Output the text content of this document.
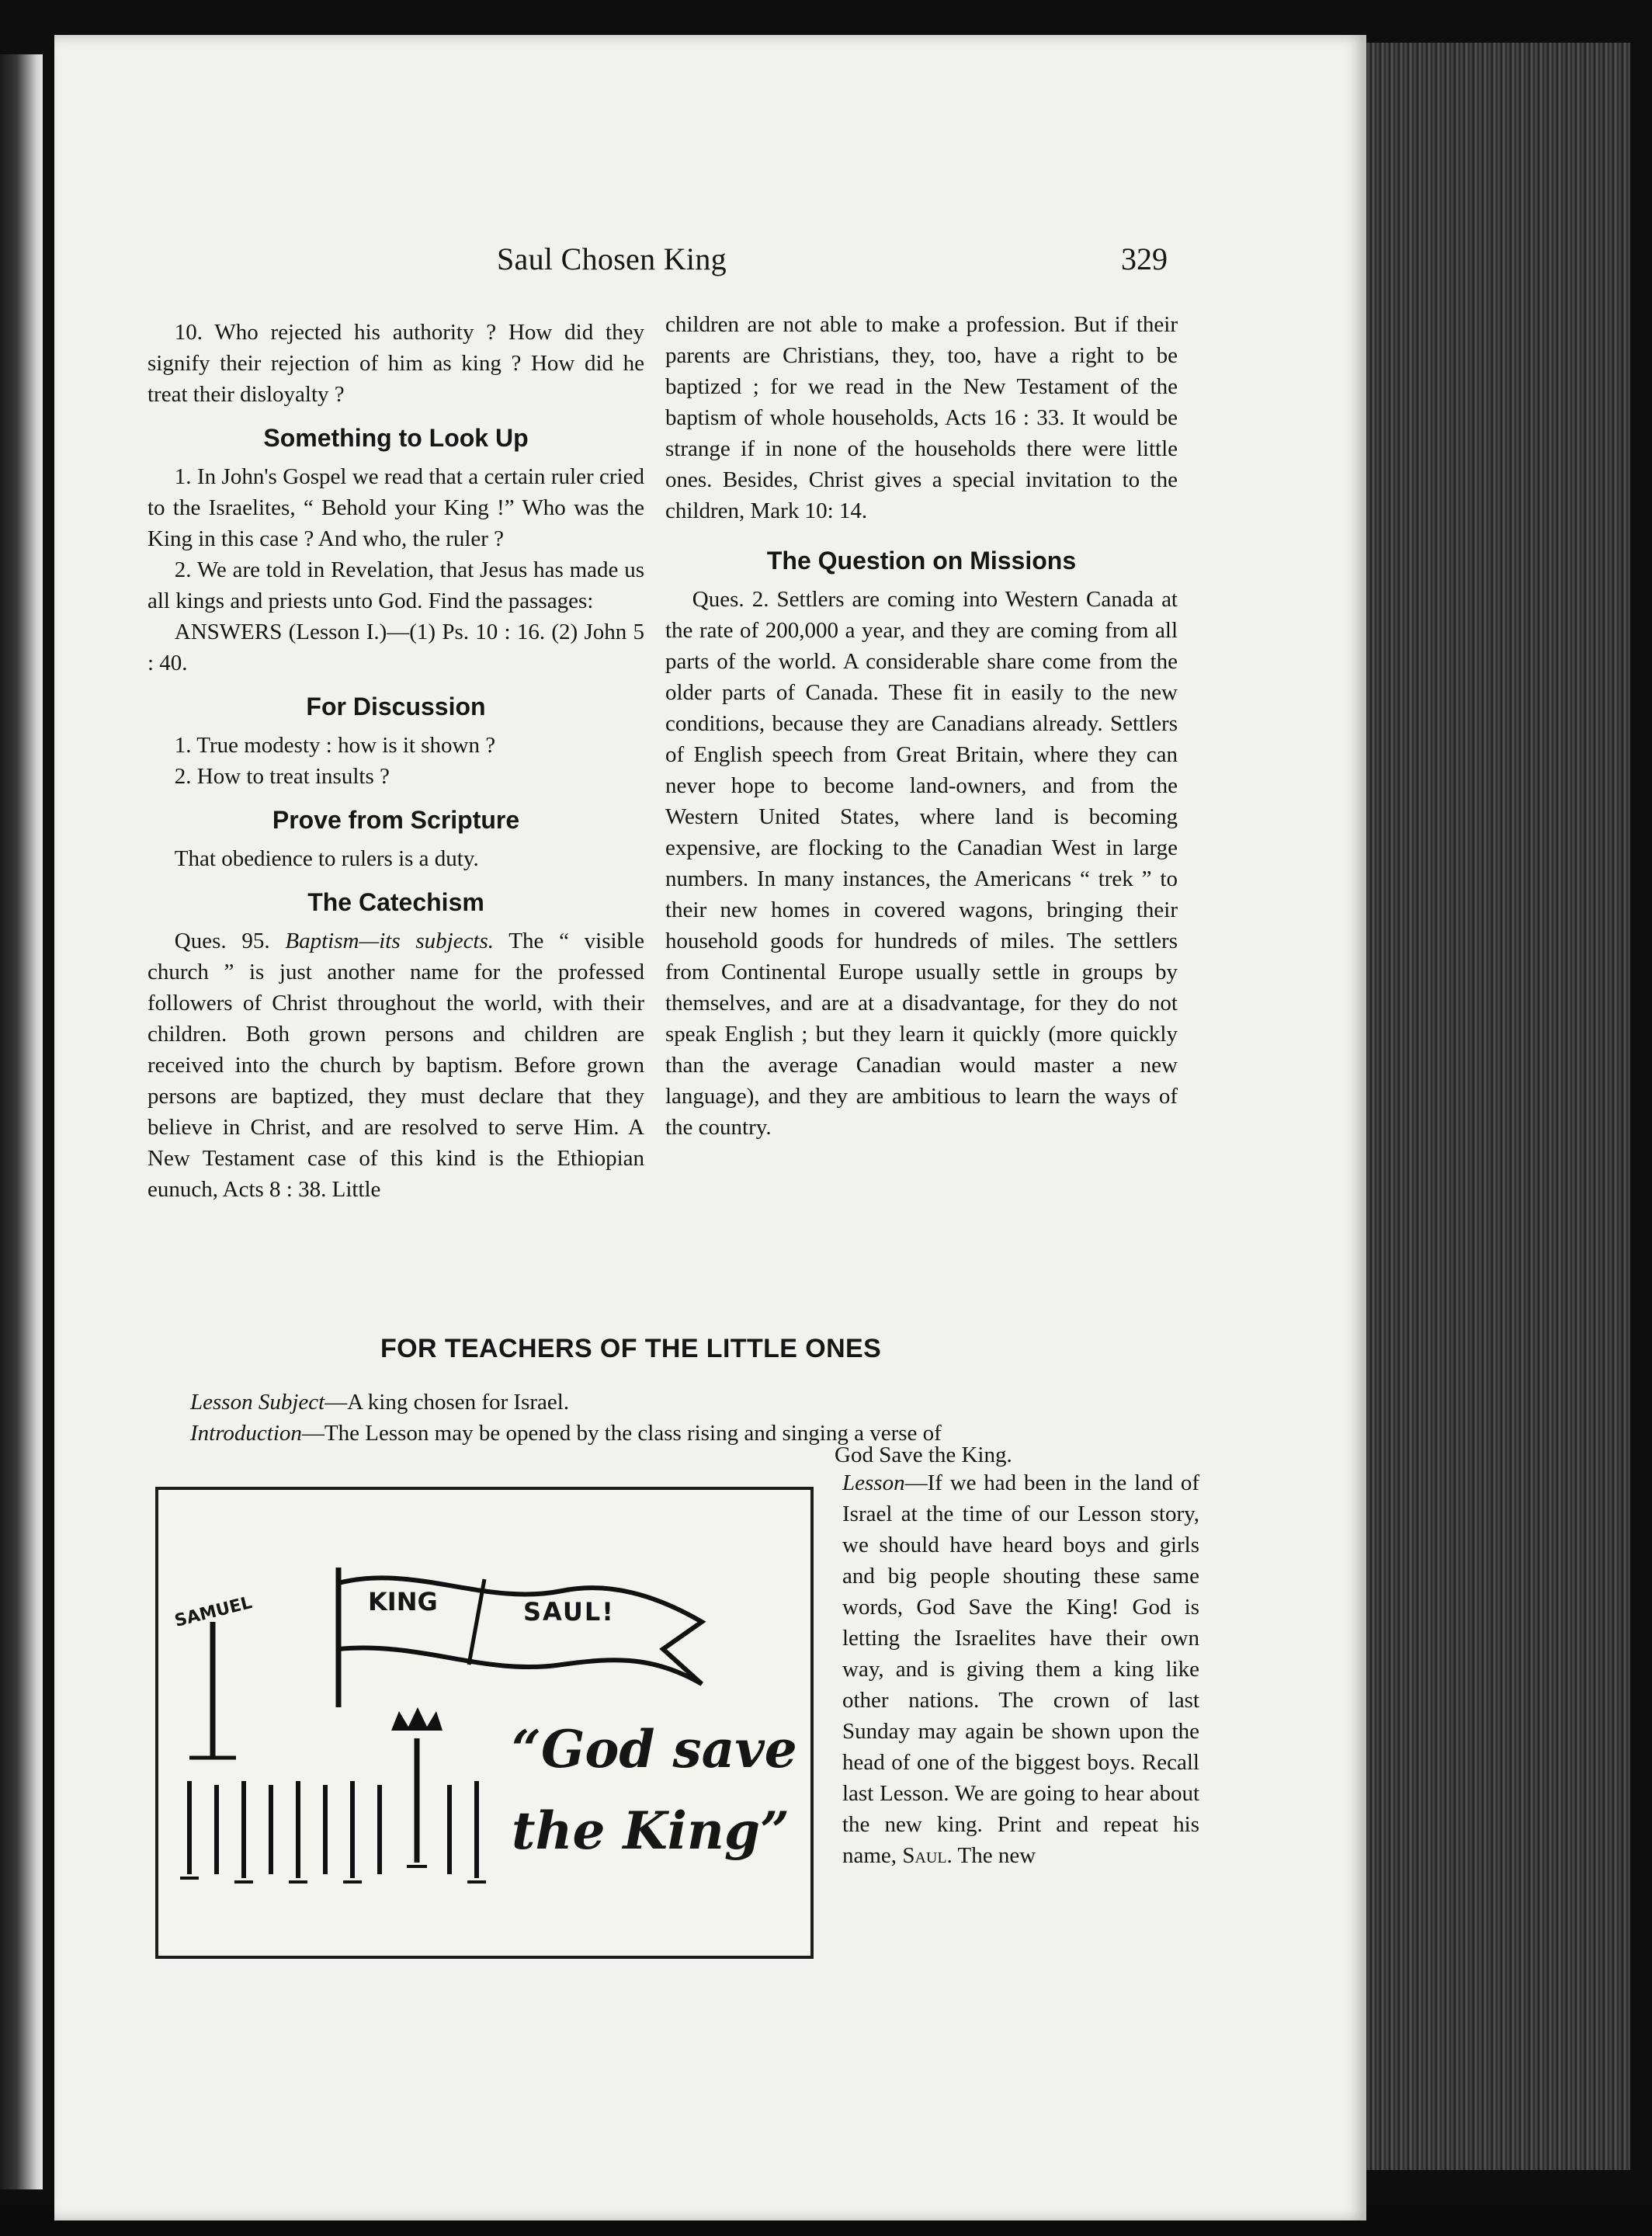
Saul Chosen King	329

10. Who rejected his authority ? How did they signify their rejection of him as king ? How did he treat their disloyalty ?

Something to Look Up

1. In John's Gospel we read that a certain ruler cried to the Israelites, “ Behold your King !” Who was the King in this case ? And who, the ruler ?

2. We are told in Revelation, that Jesus has made us all kings and priests unto God. Find the passages:

ANSWERS (Lesson I.)—(1) Ps. 10 : 16. (2) John 5 : 40.

For Discussion

1. True modesty : how is it shown ?

2. How to treat insults ?

Prove from Scripture

That obedience to rulers is a duty.

The Catechism

Ques. 95. Baptism—its subjects. The “ visible church ” is just another name for the professed followers of Christ throughout the world, with their children. Both grown persons and children are received into the church by baptism. Before grown persons are baptized, they must declare that they believe in Christ, and are resolved to serve Him. A New Testament case of this kind is the Ethiopian eunuch, Acts 8 : 38. Little

children are not able to make a profession. But if their parents are Christians, they, too, have a right to be baptized ; for we read in the New Testament of the baptism of whole households, Acts 16 : 33. It would be strange if in none of the households there were little ones. Besides, Christ gives a special invitation to the children, Mark 10: 14.

The Question on Missions

Ques. 2. Settlers are coming into Western Canada at the rate of 200,000 a year, and they are coming from all parts of the world. A considerable share come from the older parts of Canada. These fit in easily to the new conditions, because they are Canadians already. Settlers of English speech from Great Britain, where they can never hope to become land-owners, and from the Western United States, where land is becoming expensive, are flocking to the Canadian West in large numbers. In many instances, the Americans “ trek ” to their new homes in covered wagons, bringing their household goods for hundreds of miles. The settlers from Continental Europe usually settle in groups by themselves, and are at a disadvantage, for they do not speak English ; but they learn it quickly (more quickly than the average Canadian would master a new language), and they are ambitious to learn the ways of the country.

FOR TEACHERS OF THE LITTLE ONES
Lesson Subject—A king chosen for Israel.
Introduction—The Lesson may be opened by the class rising and singing a verse of
God Save the King.
SAMUEL	KING	SAUL!
“God save
the King”

Lesson—If we had been in the land of Israel at the time of our Lesson story, we should have heard boys and girls and big people shouting these same words, God Save the King! God is letting the Israelites have their own way, and is giving them a king like other nations. The crown of last Sunday may again be shown upon the head of one of the biggest boys. Recall last Lesson. We are going to hear about the new king. Print and repeat his name, Saul. The new
